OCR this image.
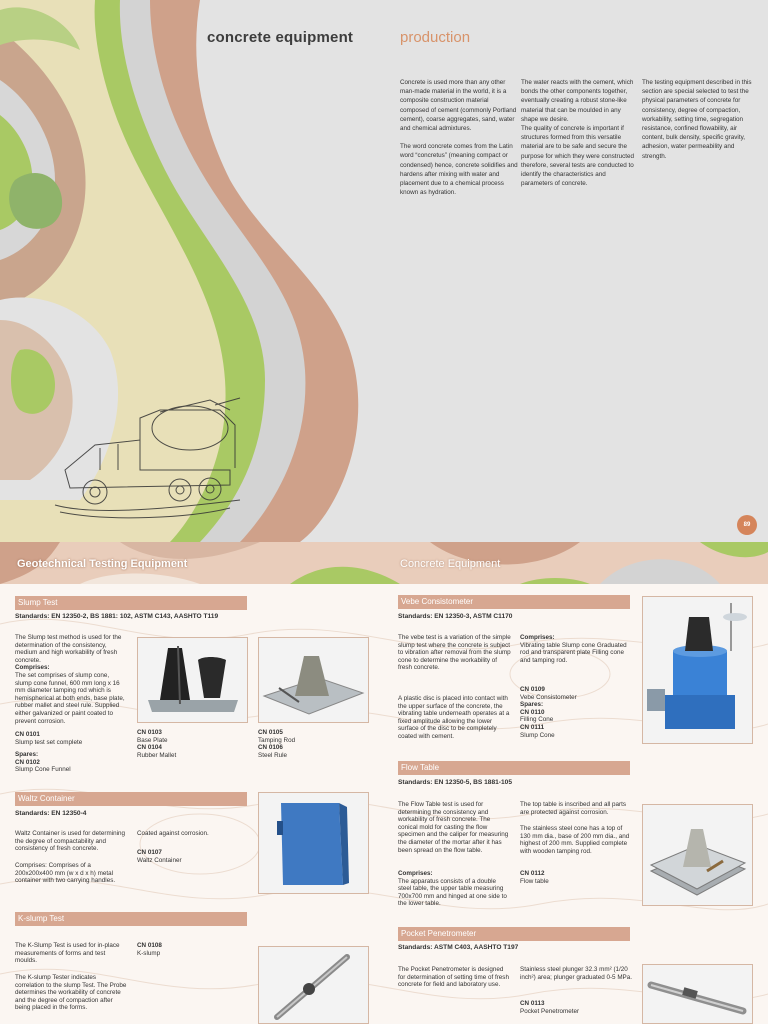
concrete equipment	production

Concrete is used more than any other man-made material in the world, it is a composite construction material composed of cement (commonly Portland cement), coarse aggregates, sand, water and chemical admixtures.

The word concrete comes from the Latin word “concretus” (meaning compact or condensed) hence, concrete solidifies and hardens after mixing with water and placement due to a chemical process known as hydration.

The water reacts with the cement, which bonds the other components together, eventually creating a robust stone-like material that can be moulded in any shape we desire.

The quality of concrete is important if structures formed from this versatile material are to be safe and secure the purpose for which they were constructed therefore, several tests are conducted to identify the characteristics and parameters of concrete.

The testing equipment described in this section are special selected to test the physical parameters of concrete for consistency, degree of compaction, workability, setting time, segregation resistance, confined flowability, air content, bulk density, specific gravity, adhesion, water permeability and strength.

89
Geotechnical Testing Equipment	Concrete Equipment
Slump Test
Standards: EN 12350-2, BS 1881: 102, ASTM C143, AASHTO T119
The Slump test method is used for the determination of the consistency, medium and high workability of fresh concrete.
Comprises:
The set comprises of slump cone, slump cone funnel, 600 mm long x 16 mm diameter tamping rod which is hemispherical at both ends, base plate, rubber mallet and steel rule. Supplied either galvanized or paint coated to prevent corrosion.
CN 0101
Slump test set complete
Spares:
CN 0102
Slump Cone Funnel
CN 0103
Base Plate
CN 0104
Rubber Mallet
CN 0105
Tamping Rod
CN 0106
Steel Rule
Waltz Container
Standards: EN 12350-4
Waltz Container is used for determining the degree of compactability and consistency of fresh concrete.
Comprises: Comprises of a 200x200x400 mm (w x d x h) metal container with two carrying handles.
Coated against corrosion.
CN 0107
Waltz Container
K-slump Test
The K-Slump Test is used for in-place measurements of forms and test moulds.
The K-slump Tester indicates correlation to the slump Test. The Probe determines the workability of concrete and the degree of compaction after being placed in the forms.
CN 0108
K-slump
Vebe Consistometer
Standards: EN 12350-3, ASTM C1170
The vebe test is a variation of the simple slump test where the concrete is subject to vibration after removal from the slump cone to determine the workability of fresh concrete.
A plastic disc is placed into contact with the upper surface of the concrete, the vibrating table underneath operates at a fixed amplitude allowing the lower surface of the disc to be completely coated with cement.
Comprises:
Vibrating table Slump cone Graduated rod and transparent plate Filling cone and tamping rod.
CN 0109
Vebe Consistometer
Spares:
CN 0110
Filling Cone
CN 0111
Slump Cone
Flow Table
Standards: EN 12350-5, BS 1881-105
The Flow Table test is used for determining the consistency and workability of fresh concrete. The conical mold for casting the flow specimen and the caliper for measuring the diameter of the mortar after it has been spread on the flow table.
Comprises:
The apparatus consists of a double steel table, the upper table measuring 700x700 mm and hinged at one side to the lower table.
The top table is inscribed and all parts are protected against corrosion.
The stainless steel cone has a top of 130 mm dia., base of 200 mm dia., and highest of 200 mm. Supplied complete with wooden tamping rod.
CN 0112
Flow table
Pocket Penetrometer
Standards: ASTM C403, AASHTO T197
The Pocket Penetrometer is designed for determination of setting time of fresh concrete for field and laboratory use.
Stainless steel plunger 32.3 mm² (1/20 inch²) area; plunger graduated 0-5 MPa.
CN 0113
Pocket Penetrometer
